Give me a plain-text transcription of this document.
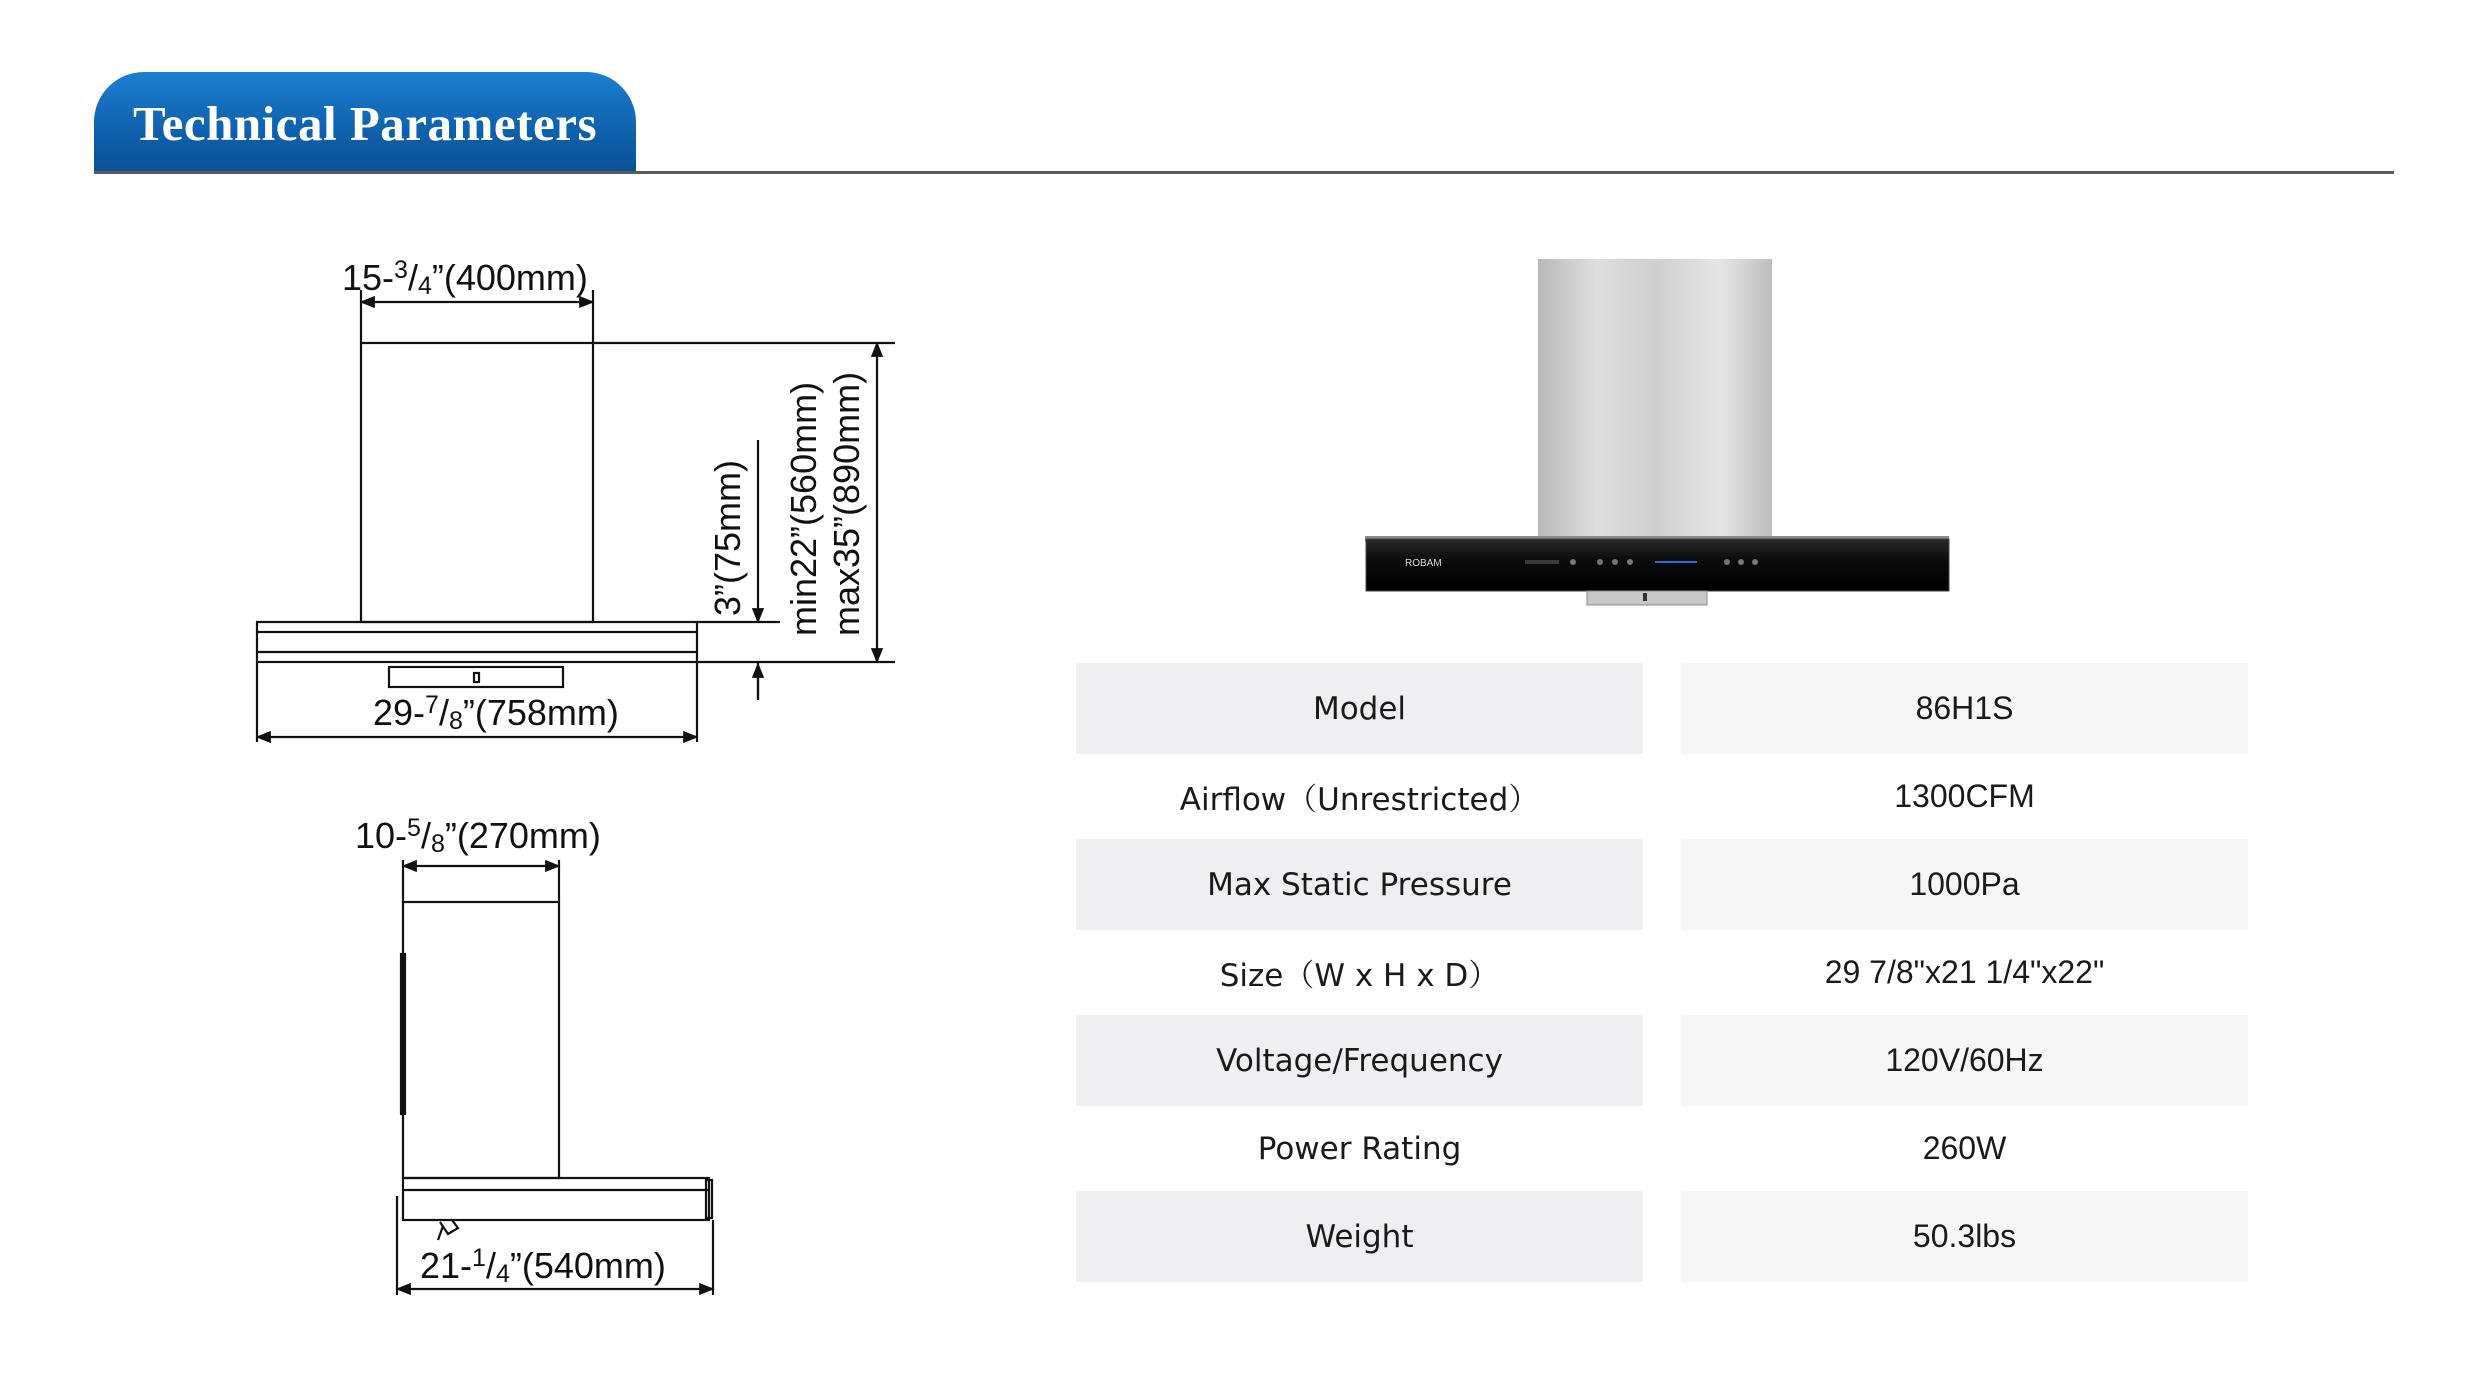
Technical Parameters
15-$^3$/4”(400mm)
29-$^7$/8”(758mm)
3”(75mm) min22”(560mm) max35”(890mm)
10-$^5$/8”(270mm)
21-$^1$/4”(540mm)
ROBAM
Model	86H1S
Airflow（Unrestricted）	1300CFM
Max Static Pressure	1000Pa
Size（W x H x D）	29 7/8"x21 1/4"x22"
Voltage/Frequency	120V/60Hz
Power Rating	260W
Weight	50.3lbs
